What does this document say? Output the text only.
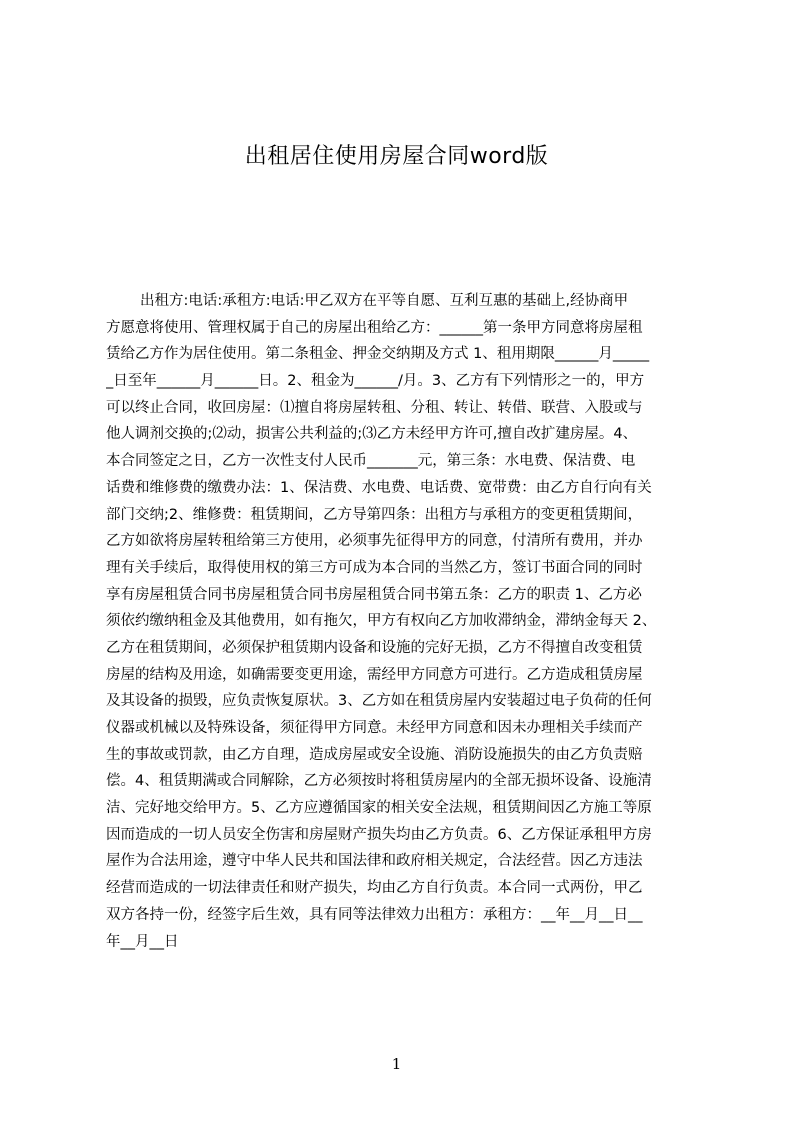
出租居住使用房屋合同word版
出租方:电话:承租方:电话:甲乙双方在平等自愿、互利互惠的基础上,经协商甲
方愿意将使用、管理权属于自己的房屋出租给乙方：______第一条甲方同意将房屋租
赁给乙方作为居住使用。第二条租金、押金交纳期及方式 1、租用期限______月_____
_日至年______月______日。2、租金为______/月。3、乙方有下列情形之一的，甲方
可以终止合同，收回房屋：⑴擅自将房屋转租、分租、转让、转借、联营、入股或与
他人调剂交换的;⑵动，损害公共利益的;⑶乙方未经甲方许可,擅自改扩建房屋。4、
本合同签定之日，乙方一次性支付人民币_______元，第三条：水电费、保洁费、电
话费和维修费的缴费办法：1、保洁费、水电费、电话费、宽带费：由乙方自行向有关
部门交纳;2、维修费：租赁期间，乙方导第四条：出租方与承租方的变更租赁期间，
乙方如欲将房屋转租给第三方使用，必须事先征得甲方的同意，付清所有费用，并办
理有关手续后，取得使用权的第三方可成为本合同的当然乙方，签订书面合同的同时
享有房屋租赁合同书房屋租赁合同书房屋租赁合同书第五条：乙方的职责 1、乙方必
须依约缴纳租金及其他费用，如有拖欠，甲方有权向乙方加收滞纳金，滞纳金每天 2、
乙方在租赁期间，必须保护租赁期内设备和设施的完好无损，乙方不得擅自改变租赁
房屋的结构及用途，如确需要变更用途，需经甲方同意方可进行。乙方造成租赁房屋
及其设备的损毁，应负责恢复原状。3、乙方如在租赁房屋内安装超过电子负荷的任何
仪器或机械以及特殊设备，须征得甲方同意。未经甲方同意和因未办理相关手续而产
生的事故或罚款，由乙方自理，造成房屋或安全设施、消防设施损失的由乙方负责赔
偿。4、租赁期满或合同解除，乙方必须按时将租赁房屋内的全部无损坏设备、设施清
洁、完好地交给甲方。5、乙方应遵循国家的相关安全法规，租赁期间因乙方施工等原
因而造成的一切人员安全伤害和房屋财产损失均由乙方负责。6、乙方保证承租甲方房
屋作为合法用途，遵守中华人民共和国法律和政府相关规定，合法经营。因乙方违法
经营而造成的一切法律责任和财产损失，均由乙方自行负责。本合同一式两份，甲乙
双方各持一份，经签字后生效，具有同等法律效力出租方：承租方：__年__月__日__
年__月__日
1
